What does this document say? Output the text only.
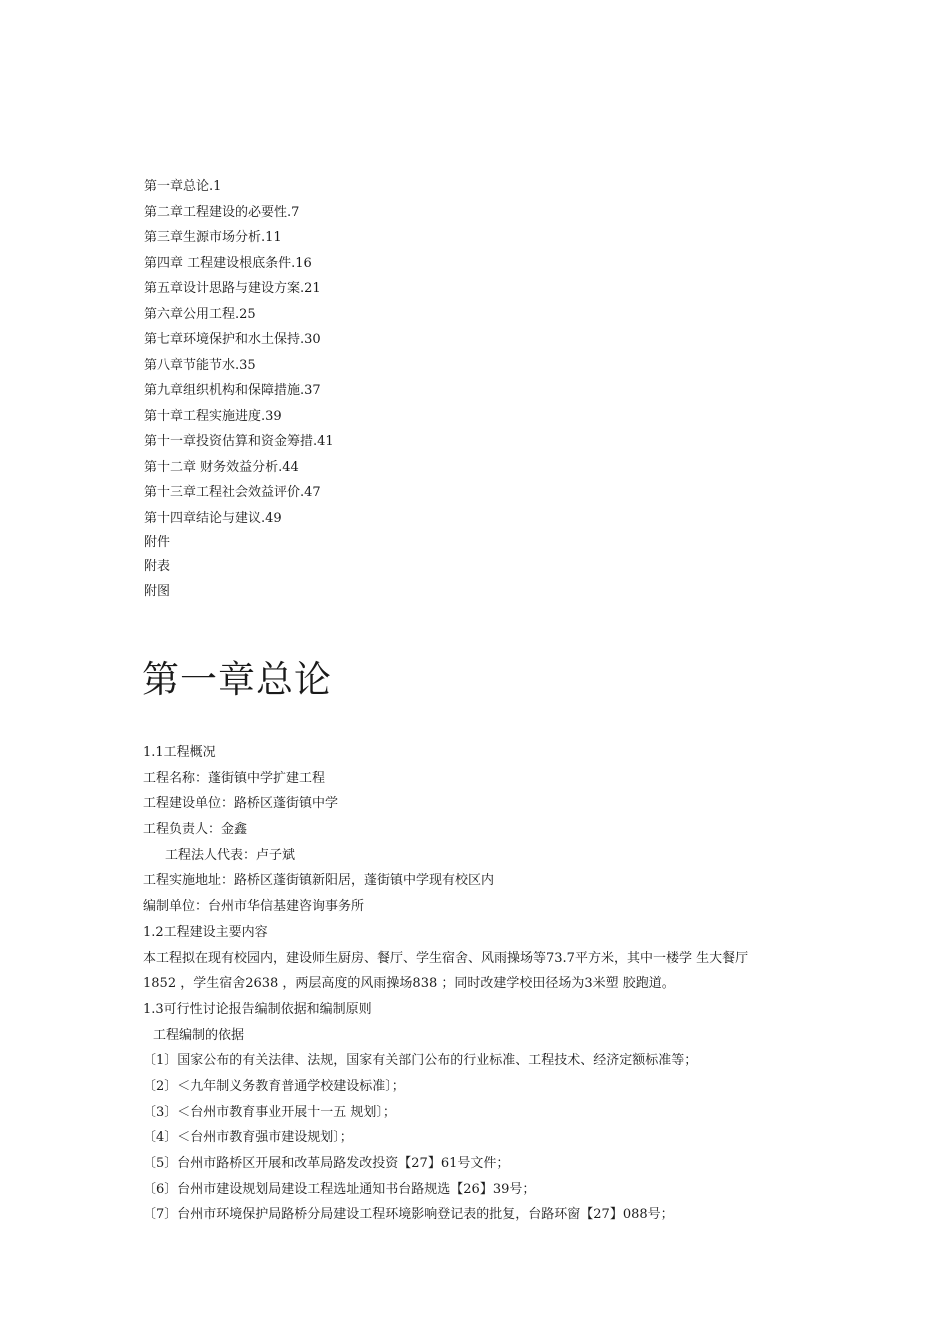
第一章总论.1
第二章工程建设的必要性.7
第三章生源市场分析.11
第四章 工程建设根底条件.16
第五章设计思路与建设方案.21
第六章公用工程.25
第七章环境保护和水土保持.30
第八章节能节水.35
第九章组织机构和保障措施.37
第十章工程实施进度.39
第十一章投资估算和资金筹措.41
第十二章 财务效益分析.44
第十三章工程社会效益评价.47
第十四章结论与建议.49
附件
附表
附图
第一章总论
1.1工程概况
工程名称：蓬街镇中学扩建工程
工程建设单位：路桥区蓬街镇中学
工程负责人：金鑫
工程法人代表：卢子斌
工程实施地址：路桥区蓬街镇新阳居，蓬街镇中学现有校区内
编制单位：台州市华信基建咨询事务所
1.2工程建设主要内容
本工程拟在现有校园内，建设师生厨房、餐厅、学生宿舍、风雨操场等73.7平方米，其中一楼学 生大餐厅
1852 ，学生宿舍2638 ，两层高度的风雨操场838 ；同时改建学校田径场为3米塑 胶跑道。
1.3可行性讨论报告编制依据和编制原则
工程编制的依据
〔1〕国家公布的有关法律、法规，国家有关部门公布的行业标准、工程技术、经济定额标准等；
〔2〕＜九年制义务教育普通学校建设标准〕；
〔3〕＜台州市教育事业开展十一五 规划〕；
〔4〕＜台州市教育强市建设规划〕；
〔5〕台州市路桥区开展和改革局路发改投资【27】61号文件；
〔6〕台州市建设规划局建设工程选址通知书台路规选【26】39号；
〔7〕台州市环境保护局路桥分局建设工程环境影响登记表的批复，台路环窗【27】088号；
